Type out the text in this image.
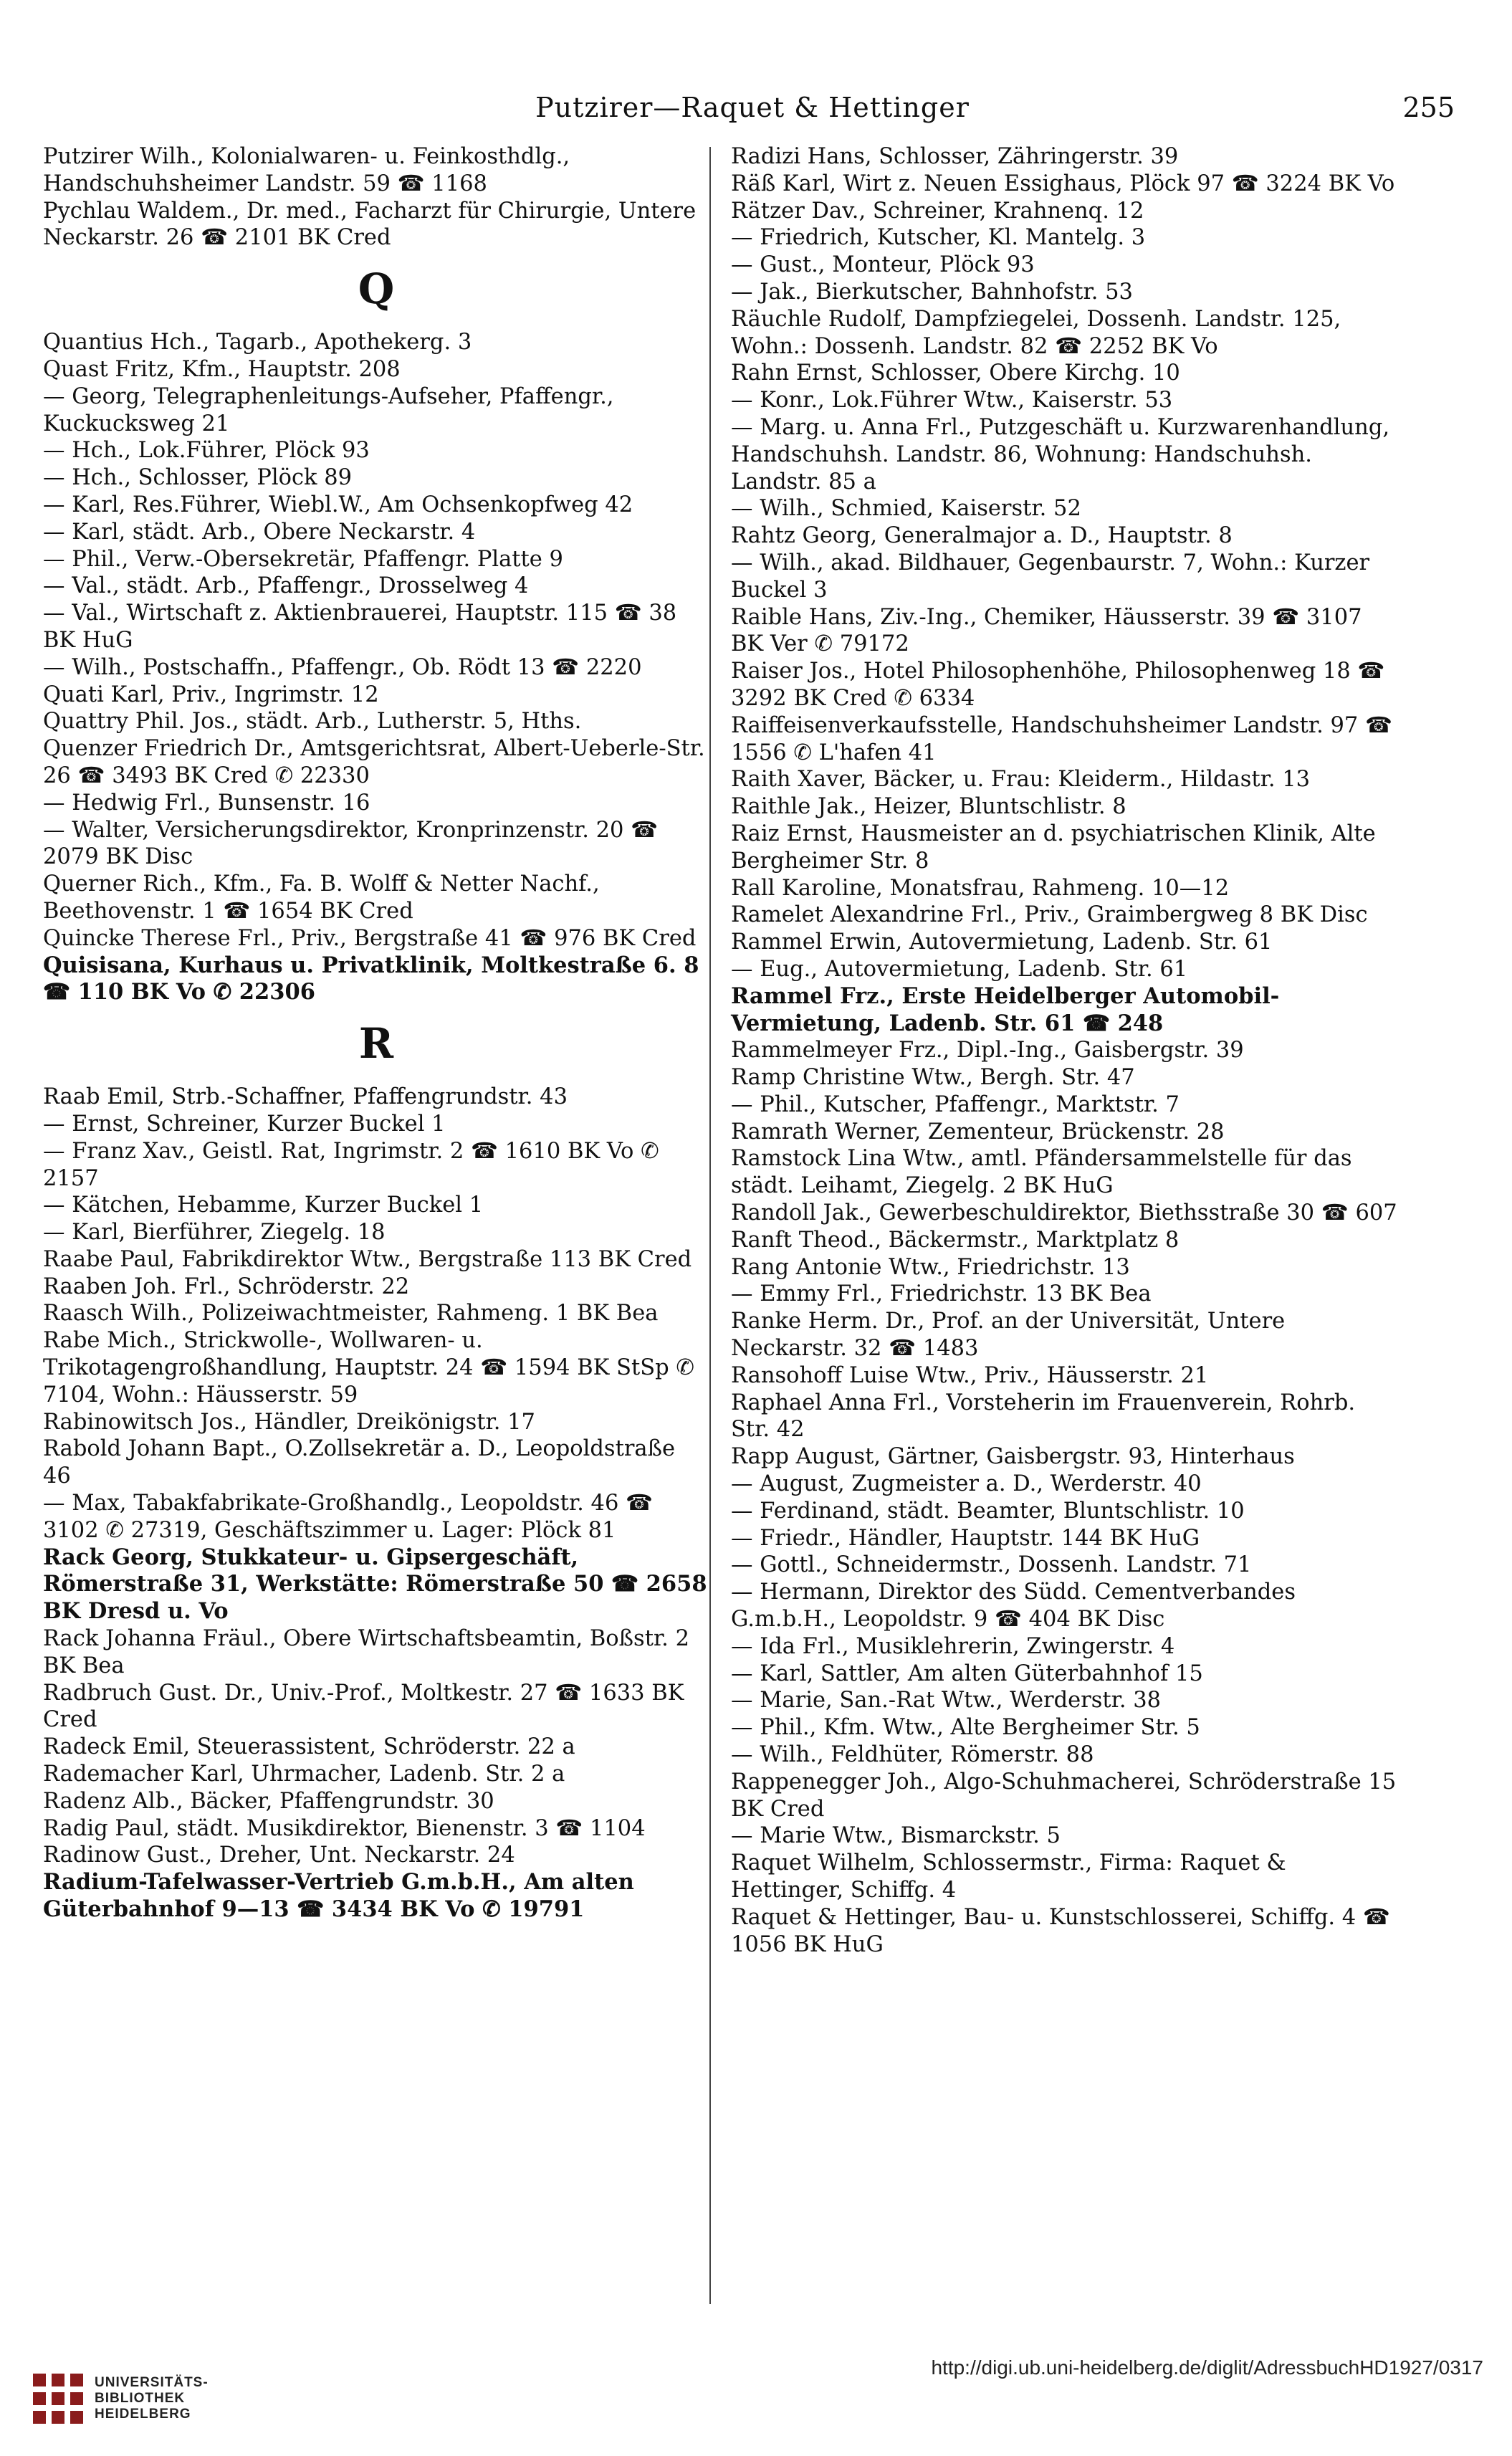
Putzirer—Raquet & Hettinger	255

Putzirer Wilh., Kolonialwaren- u. Feinkosthdlg., Handschuhsheimer Landstr. 59 ☎ 1168

Pychlau Waldem., Dr. med., Facharzt für Chirurgie, Untere Neckarstr. 26 ☎ 2101 BK Cred

Q

Quantius Hch., Tagarb., Apothekerg. 3

Quast Fritz, Kfm., Hauptstr. 208

— Georg, Telegraphenleitungs-Aufseher, Pfaffengr., Kuckucksweg 21

— Hch., Lok.Führer, Plöck 93

— Hch., Schlosser, Plöck 89

— Karl, Res.Führer, Wiebl.W., Am Ochsenkopfweg 42

— Karl, städt. Arb., Obere Neckarstr. 4

— Phil., Verw.-Obersekretär, Pfaffengr. Platte 9

— Val., städt. Arb., Pfaffengr., Drosselweg 4

— Val., Wirtschaft z. Aktienbrauerei, Hauptstr. 115 ☎ 38 BK HuG

— Wilh., Postschaffn., Pfaffengr., Ob. Rödt 13 ☎ 2220

Quati Karl, Priv., Ingrimstr. 12

Quattry Phil. Jos., städt. Arb., Lutherstr. 5, Hths.

Quenzer Friedrich Dr., Amtsgerichtsrat, Albert-Ueberle-Str. 26 ☎ 3493 BK Cred ✆ 22330

— Hedwig Frl., Bunsenstr. 16

— Walter, Versicherungsdirektor, Kronprinzenstr. 20 ☎ 2079 BK Disc

Querner Rich., Kfm., Fa. B. Wolff & Netter Nachf., Beethovenstr. 1 ☎ 1654 BK Cred

Quincke Therese Frl., Priv., Bergstraße 41 ☎ 976 BK Cred

Quisisana, Kurhaus u. Privatklinik, Moltkestraße 6. 8 ☎ 110 BK Vo ✆ 22306

R

Raab Emil, Strb.-Schaffner, Pfaffengrundstr. 43

— Ernst, Schreiner, Kurzer Buckel 1

— Franz Xav., Geistl. Rat, Ingrimstr. 2 ☎ 1610 BK Vo ✆ 2157

— Kätchen, Hebamme, Kurzer Buckel 1

— Karl, Bierführer, Ziegelg. 18

Raabe Paul, Fabrikdirektor Wtw., Bergstraße 113 BK Cred

Raaben Joh. Frl., Schröderstr. 22

Raasch Wilh., Polizeiwachtmeister, Rahmeng. 1 BK Bea

Rabe Mich., Strickwolle-, Wollwaren- u. Trikotagengroßhandlung, Hauptstr. 24 ☎ 1594 BK StSp ✆ 7104, Wohn.: Häusserstr. 59

Rabinowitsch Jos., Händler, Dreikönigstr. 17

Rabold Johann Bapt., O.Zollsekretär a. D., Leopoldstraße 46

— Max, Tabakfabrikate-Großhandlg., Leopoldstr. 46 ☎ 3102 ✆ 27319, Geschäftszimmer u. Lager: Plöck 81

Rack Georg, Stukkateur- u. Gipsergeschäft, Römerstraße 31, Werkstätte: Römerstraße 50 ☎ 2658 BK Dresd u. Vo

Rack Johanna Fräul., Obere Wirtschaftsbeamtin, Boßstr. 2 BK Bea

Radbruch Gust. Dr., Univ.-Prof., Moltkestr. 27 ☎ 1633 BK Cred

Radeck Emil, Steuerassistent, Schröderstr. 22 a

Rademacher Karl, Uhrmacher, Ladenb. Str. 2 a

Radenz Alb., Bäcker, Pfaffengrundstr. 30

Radig Paul, städt. Musikdirektor, Bienenstr. 3 ☎ 1104

Radinow Gust., Dreher, Unt. Neckarstr. 24

Radium-Tafelwasser-Vertrieb G.m.b.H., Am alten Güterbahnhof 9—13 ☎ 3434 BK Vo ✆ 19791

Radizi Hans, Schlosser, Zähringerstr. 39

Räß Karl, Wirt z. Neuen Essighaus, Plöck 97 ☎ 3224 BK Vo

Rätzer Dav., Schreiner, Krahnenq. 12

— Friedrich, Kutscher, Kl. Mantelg. 3

— Gust., Monteur, Plöck 93

— Jak., Bierkutscher, Bahnhofstr. 53

Räuchle Rudolf, Dampfziegelei, Dossenh. Landstr. 125, Wohn.: Dossenh. Landstr. 82 ☎ 2252 BK Vo

Rahn Ernst, Schlosser, Obere Kirchg. 10

— Konr., Lok.Führer Wtw., Kaiserstr. 53

— Marg. u. Anna Frl., Putzgeschäft u. Kurzwarenhandlung, Handschuhsh. Landstr. 86, Wohnung: Handschuhsh. Landstr. 85 a

— Wilh., Schmied, Kaiserstr. 52

Rahtz Georg, Generalmajor a. D., Hauptstr. 8

— Wilh., akad. Bildhauer, Gegenbaurstr. 7, Wohn.: Kurzer Buckel 3

Raible Hans, Ziv.-Ing., Chemiker, Häusserstr. 39 ☎ 3107 BK Ver ✆ 79172

Raiser Jos., Hotel Philosophenhöhe, Philosophenweg 18 ☎ 3292 BK Cred ✆ 6334

Raiffeisenverkaufsstelle, Handschuhsheimer Landstr. 97 ☎ 1556 ✆ L'hafen 41

Raith Xaver, Bäcker, u. Frau: Kleiderm., Hildastr. 13

Raithle Jak., Heizer, Bluntschlistr. 8

Raiz Ernst, Hausmeister an d. psychiatrischen Klinik, Alte Bergheimer Str. 8

Rall Karoline, Monatsfrau, Rahmeng. 10—12

Ramelet Alexandrine Frl., Priv., Graimbergweg 8 BK Disc

Rammel Erwin, Autovermietung, Ladenb. Str. 61

— Eug., Autovermietung, Ladenb. Str. 61

Rammel Frz., Erste Heidelberger Automobil-Vermietung, Ladenb. Str. 61 ☎ 248

Rammelmeyer Frz., Dipl.-Ing., Gaisbergstr. 39

Ramp Christine Wtw., Bergh. Str. 47

— Phil., Kutscher, Pfaffengr., Marktstr. 7

Ramrath Werner, Zementeur, Brückenstr. 28

Ramstock Lina Wtw., amtl. Pfändersammelstelle für das städt. Leihamt, Ziegelg. 2 BK HuG

Randoll Jak., Gewerbeschuldirektor, Biethsstraße 30 ☎ 607

Ranft Theod., Bäckermstr., Marktplatz 8

Rang Antonie Wtw., Friedrichstr. 13

— Emmy Frl., Friedrichstr. 13 BK Bea

Ranke Herm. Dr., Prof. an der Universität, Untere Neckarstr. 32 ☎ 1483

Ransohoff Luise Wtw., Priv., Häusserstr. 21

Raphael Anna Frl., Vorsteherin im Frauenverein, Rohrb. Str. 42

Rapp August, Gärtner, Gaisbergstr. 93, Hinterhaus

— August, Zugmeister a. D., Werderstr. 40

— Ferdinand, städt. Beamter, Bluntschlistr. 10

— Friedr., Händler, Hauptstr. 144 BK HuG

— Gottl., Schneidermstr., Dossenh. Landstr. 71

— Hermann, Direktor des Südd. Cementverbandes G.m.b.H., Leopoldstr. 9 ☎ 404 BK Disc

— Ida Frl., Musiklehrerin, Zwingerstr. 4

— Karl, Sattler, Am alten Güterbahnhof 15

— Marie, San.-Rat Wtw., Werderstr. 38

— Phil., Kfm. Wtw., Alte Bergheimer Str. 5

— Wilh., Feldhüter, Römerstr. 88

Rappenegger Joh., Algo-Schuhmacherei, Schröderstraße 15 BK Cred

— Marie Wtw., Bismarckstr. 5

Raquet Wilhelm, Schlossermstr., Firma: Raquet & Hettinger, Schiffg. 4

Raquet & Hettinger, Bau- u. Kunstschlosserei, Schiffg. 4 ☎ 1056 BK HuG

UNIVERSITÄTS-
BIBLIOTHEK
HEIDELBERG
http://digi.ub.uni-heidelberg.de/diglit/AdressbuchHD1927/0317
